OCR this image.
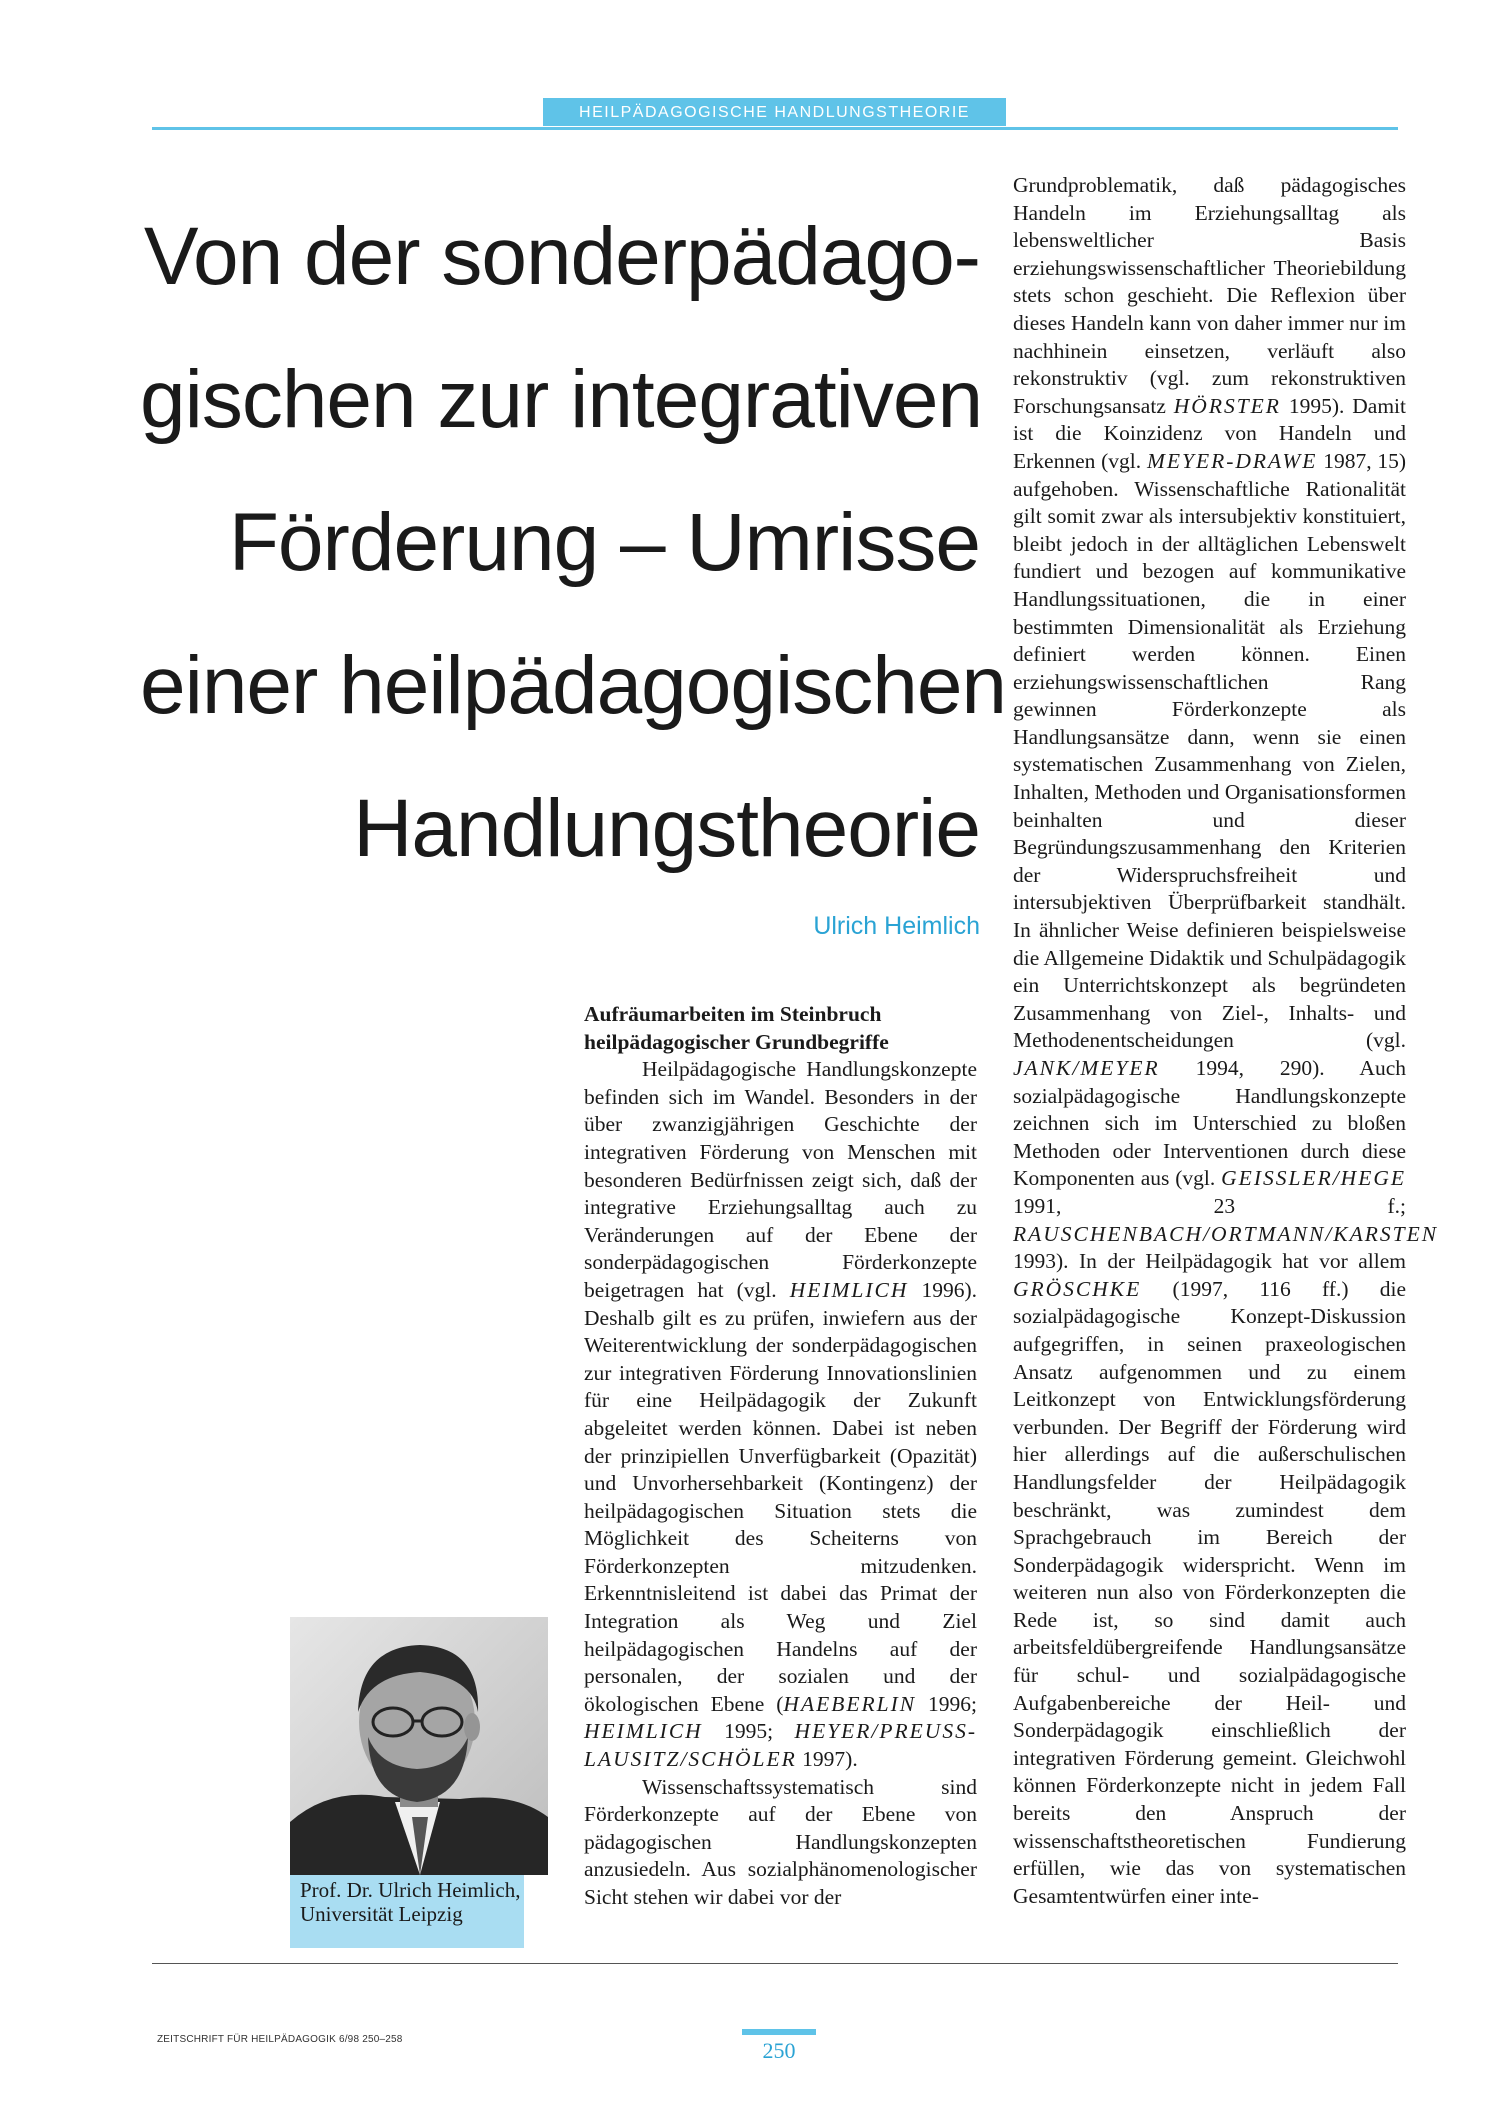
HEILPÄDAGOGISCHE HANDLUNGSTHEORIE
Von der sonderpädago-
gischen zur integrativen
Förderung – Umrisse
einer heilpädagogischen
Handlungstheorie
Ulrich Heimlich
Prof. Dr. Ulrich Heimlich,
Universität Leipzig

Aufräumarbeiten im Steinbruch heilpädagogischer Grundbegriffe

Heilpädagogische Handlungskonzepte befinden sich im Wandel. Besonders in der über zwanzigjährigen Geschichte der integrativen Förderung von Menschen mit besonderen Bedürfnissen zeigt sich, daß der integrative Erziehungsalltag auch zu Veränderungen auf der Ebene der sonderpädagogischen Förderkonzepte beigetragen hat (vgl. HEIMLICH 1996). Deshalb gilt es zu prüfen, inwiefern aus der Weiterentwicklung der sonderpädagogischen zur integrativen Förderung Innovationslinien für eine Heilpädagogik der Zukunft abgeleitet werden können. Dabei ist neben der prinzipiellen Unverfügbarkeit (Opazität) und Unvorhersehbarkeit (Kontingenz) der heilpädagogischen Situation stets die Möglichkeit des Scheiterns von Förderkonzepten mitzudenken. Erkenntnisleitend ist dabei das Primat der Integration als Weg und Ziel heilpädagogischen Handelns auf der personalen, der sozialen und der ökologischen Ebene (HAEBERLIN 1996; HEIMLICH 1995; HEYER/PREUSS-LAUSITZ/SCHÖLER 1997).

Wissenschaftssystematisch sind Förderkonzepte auf der Ebene von pädagogischen Handlungskonzepten anzusiedeln. Aus sozialphänomenologischer Sicht stehen wir dabei vor der

Grundproblematik, daß pädagogisches Handeln im Erziehungsalltag als lebensweltlicher Basis erziehungswissenschaftlicher Theoriebildung stets schon geschieht. Die Reflexion über dieses Handeln kann von daher immer nur im nachhinein einsetzen, verläuft also rekonstruktiv (vgl. zum rekonstruktiven Forschungsansatz HÖRSTER 1995). Damit ist die Koinzidenz von Handeln und Erkennen (vgl. MEYER-DRAWE 1987, 15) aufgehoben. Wissenschaftliche Rationalität gilt somit zwar als intersubjektiv konstituiert, bleibt jedoch in der alltäglichen Lebenswelt fundiert und bezogen auf kommunikative Handlungssituationen, die in einer bestimmten Dimensionalität als Erziehung definiert werden können. Einen erziehungswissenschaftlichen Rang gewinnen Förderkonzepte als Handlungsansätze dann, wenn sie einen systematischen Zusammenhang von Zielen, Inhalten, Methoden und Organisationsformen beinhalten und dieser Begründungszusammenhang den Kriterien der Widerspruchsfreiheit und intersubjektiven Überprüfbarkeit standhält. In ähnlicher Weise definieren beispielsweise die Allgemeine Didaktik und Schulpädagogik ein Unterrichtskonzept als begründeten Zusammenhang von Ziel-, Inhalts- und Methodenentscheidungen (vgl. JANK/MEYER 1994, 290). Auch sozialpädagogische Handlungskonzepte zeichnen sich im Unterschied zu bloßen Methoden oder Interventionen durch diese Komponenten aus (vgl. GEISSLER/HEGE 1991, 23 f.; RAUSCHENBACH/ORTMANN/KARSTEN 1993). In der Heilpädagogik hat vor allem GRÖSCHKE (1997, 116 ff.) die sozialpädagogische Konzept-Diskussion aufgegriffen, in seinen praxeologischen Ansatz aufgenommen und zu einem Leitkonzept von Entwicklungsförderung verbunden. Der Begriff der Förderung wird hier allerdings auf die außerschulischen Handlungsfelder der Heilpädagogik beschränkt, was zumindest dem Sprachgebrauch im Bereich der Sonderpädagogik widerspricht. Wenn im weiteren nun also von Förderkonzepten die Rede ist, so sind damit auch arbeitsfeldübergreifende Handlungsansätze für schul- und sozialpädagogische Aufgabenbereiche der Heil- und Sonderpädagogik einschließlich der integrativen Förderung gemeint. Gleichwohl können Förderkonzepte nicht in jedem Fall bereits den Anspruch der wissenschaftstheoretischen Fundierung erfüllen, wie das von systematischen Gesamtentwürfen einer inte-

ZEITSCHRIFT FÜR HEILPÄDAGOGIK 6/98 250–258	250
